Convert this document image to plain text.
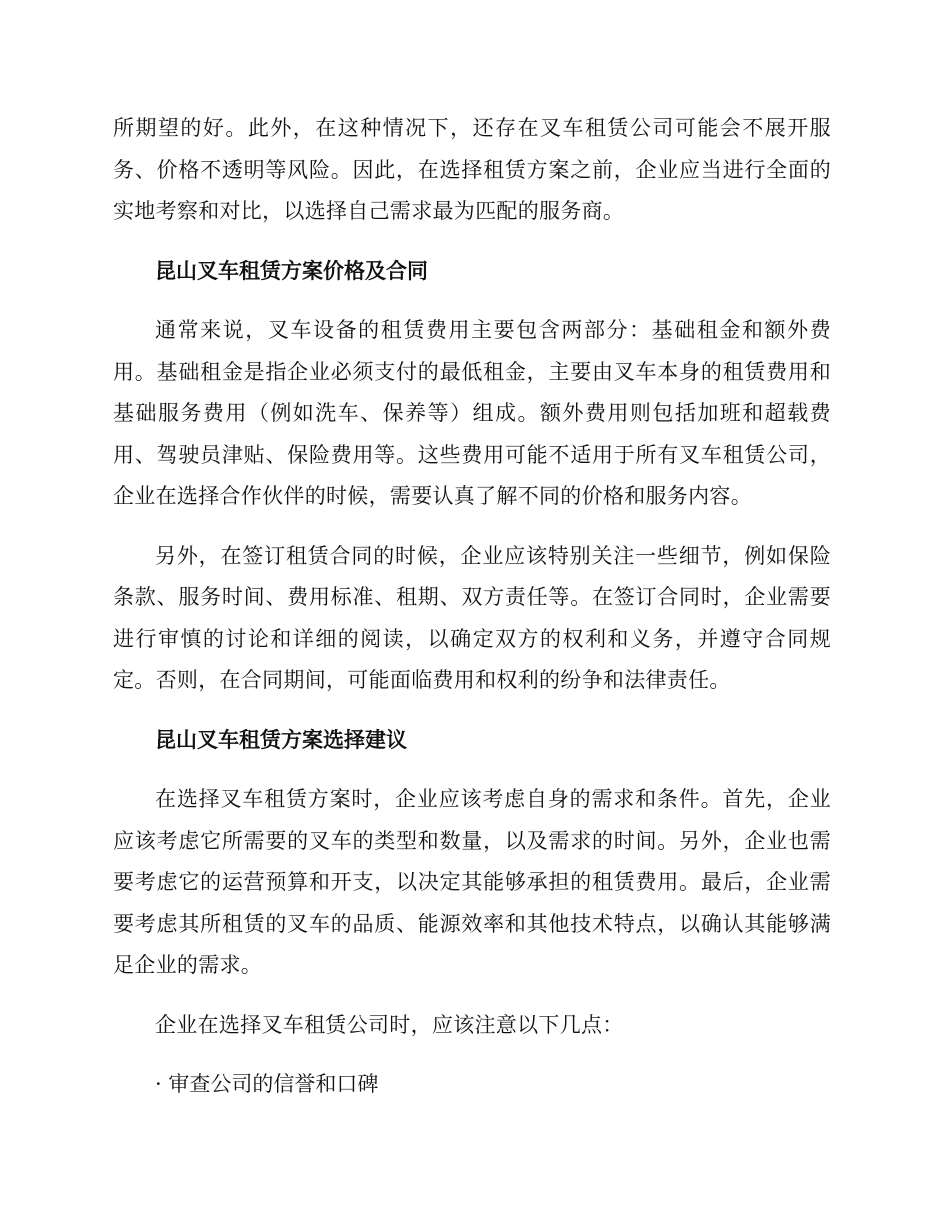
所期望的好。此外，在这种情况下，还存在叉车租赁公司可能会不展开服务、价格不透明等风险。因此，在选择租赁方案之前，企业应当进行全面的实地考察和对比，以选择自己需求最为匹配的服务商。

昆山叉车租赁方案价格及合同

通常来说，叉车设备的租赁费用主要包含两部分：基础租金和额外费用。基础租金是指企业必须支付的最低租金，主要由叉车本身的租赁费用和基础服务费用（例如洗车、保养等）组成。额外费用则包括加班和超载费用、驾驶员津贴、保险费用等。这些费用可能不适用于所有叉车租赁公司，企业在选择合作伙伴的时候，需要认真了解不同的价格和服务内容。

另外，在签订租赁合同的时候，企业应该特别关注一些细节，例如保险条款、服务时间、费用标准、租期、双方责任等。在签订合同时，企业需要进行审慎的讨论和详细的阅读，以确定双方的权利和义务，并遵守合同规定。否则，在合同期间，可能面临费用和权利的纷争和法律责任。

昆山叉车租赁方案选择建议

在选择叉车租赁方案时，企业应该考虑自身的需求和条件。首先，企业应该考虑它所需要的叉车的类型和数量，以及需求的时间。另外，企业也需要考虑它的运营预算和开支，以决定其能够承担的租赁费用。最后，企业需要考虑其所租赁的叉车的品质、能源效率和其他技术特点，以确认其能够满足企业的需求。

企业在选择叉车租赁公司时，应该注意以下几点：

· 审查公司的信誉和口碑
